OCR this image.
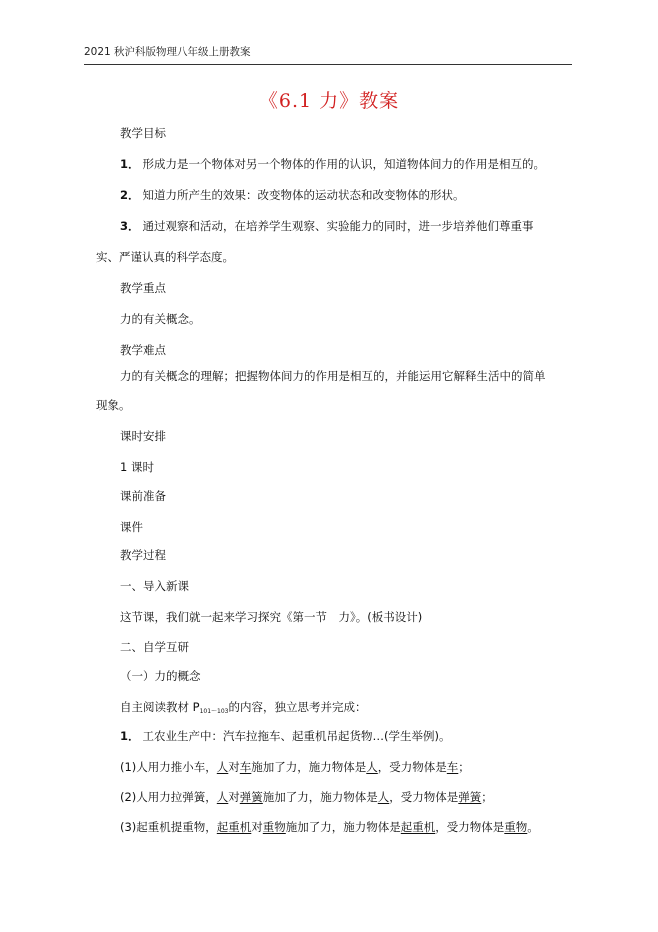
2021 秋沪科版物理八年级上册教案
《6.1 力》教案
教学目标
1． 形成力是一个物体对另一个物体的作用的认识，知道物体间力的作用是相互的。
2． 知道力所产生的效果：改变物体的运动状态和改变物体的形状。
3． 通过观察和活动，在培养学生观察、实验能力的同时，进一步培养他们尊重事
实、严谨认真的科学态度。
教学重点
力的有关概念。
教学难点
力的有关概念的理解；把握物体间力的作用是相互的，并能运用它解释生活中的简单
现象。
课时安排
1 课时
课前准备
课件
教学过程
一、导入新课
这节课，我们就一起来学习探究《第一节　力》。(板书设计)
二、自学互研
（一）力的概念
自主阅读教材 $P_{101\sim 103}$的内容，独立思考并完成：
1． 工农业生产中：汽车拉拖车、起重机吊起货物…(学生举例)。
(1)人用力推小车，人对车施加了力，施力物体是人，受力物体是车；
(2)人用力拉弹簧，人对弹簧施加了力，施力物体是人，受力物体是弹簧；
(3)起重机提重物，起重机对重物施加了力，施力物体是起重机，受力物体是重物。
